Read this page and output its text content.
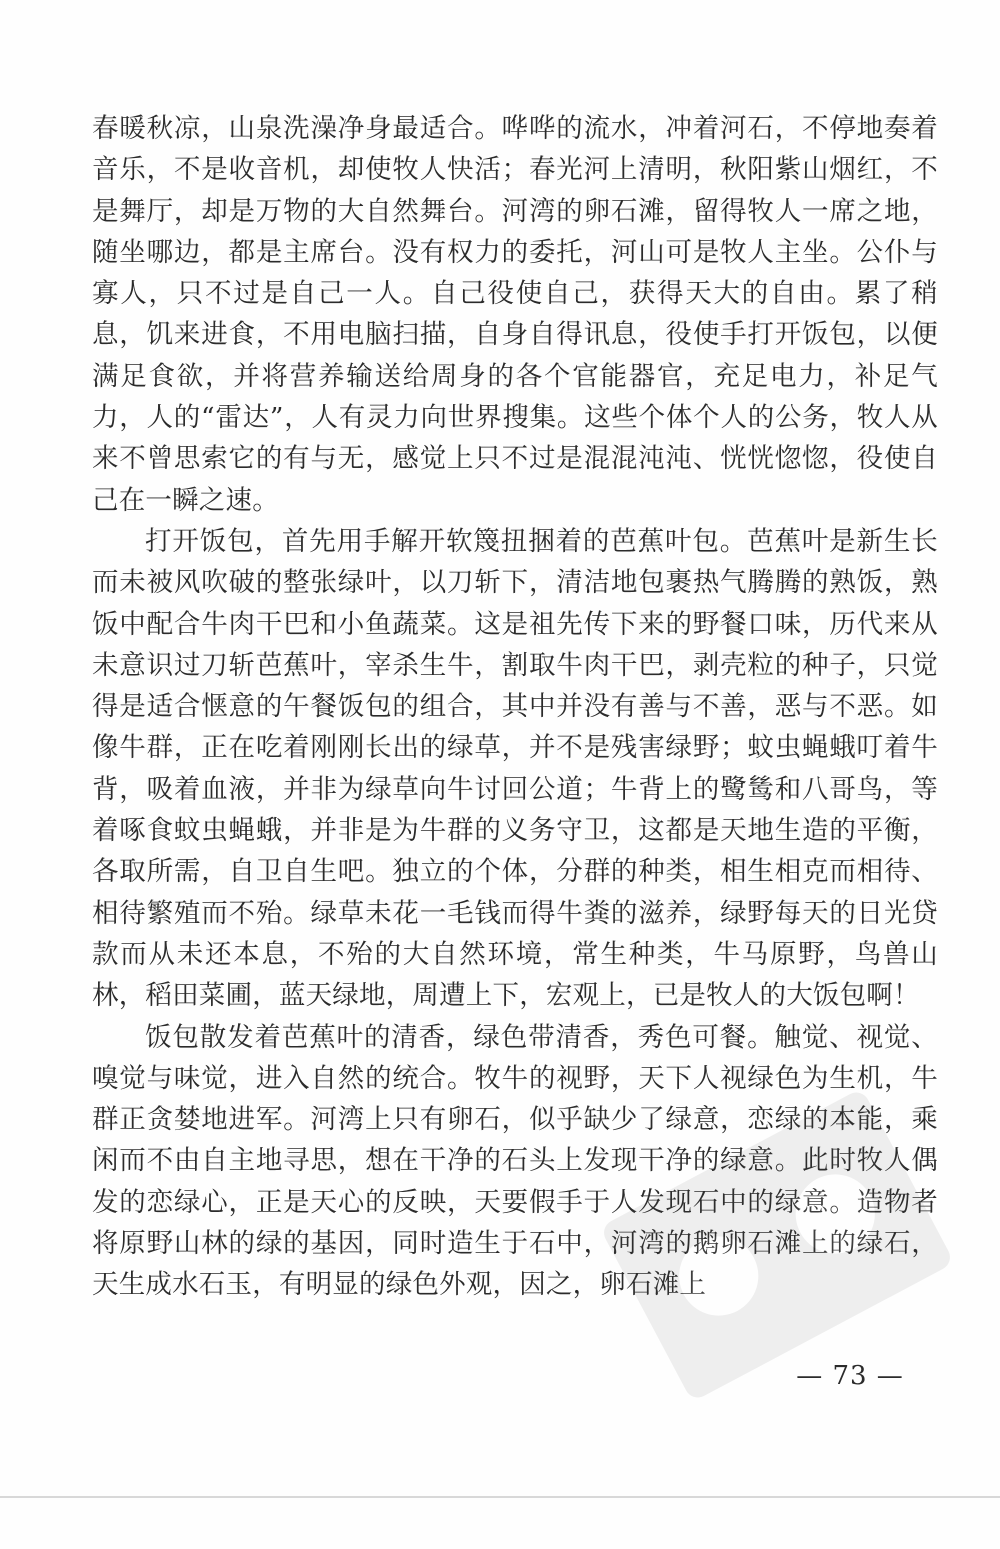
春暖秋凉，山泉洗澡净身最适合。哗哗的流水，冲着河石，不停地奏着音乐，不是收音机，却使牧人快活；春光河上清明，秋阳紫山烟红，不是舞厅，却是万物的大自然舞台。河湾的卵石滩，留得牧人一席之地，随坐哪边，都是主席台。没有权力的委托，河山可是牧人主坐。公仆与寡人，只不过是自己一人。自己役使自己，获得天大的自由。累了稍息，饥来进食，不用电脑扫描，自身自得讯息，役使手打开饭包，以便满足食欲，并将营养输送给周身的各个官能器官，充足电力，补足气力，人的“雷达”，人有灵力向世界搜集。这些个体个人的公务，牧人从来不曾思索它的有与无，感觉上只不过是混混沌沌、恍恍惚惚，役使自己在一瞬之速。

打开饭包，首先用手解开软篾扭捆着的芭蕉叶包。芭蕉叶是新生长而未被风吹破的整张绿叶，以刀斩下，清洁地包裹热气腾腾的熟饭，熟饭中配合牛肉干巴和小鱼蔬菜。这是祖先传下来的野餐口味，历代来从未意识过刀斩芭蕉叶，宰杀生牛，割取牛肉干巴，剥壳粒的种子，只觉得是适合惬意的午餐饭包的组合，其中并没有善与不善，恶与不恶。如像牛群，正在吃着刚刚长出的绿草，并不是残害绿野；蚊虫蝇蛾叮着牛背，吸着血液，并非为绿草向牛讨回公道；牛背上的鹭鸶和八哥鸟，等着啄食蚊虫蝇蛾，并非是为牛群的义务守卫，这都是天地生造的平衡，各取所需，自卫自生吧。独立的个体，分群的种类，相生相克而相待、相待繁殖而不殆。绿草未花一毛钱而得牛粪的滋养，绿野每天的日光贷款而从未还本息，不殆的大自然环境，常生种类，牛马原野，鸟兽山林，稻田菜圃，蓝天绿地，周遭上下，宏观上，已是牧人的大饭包啊！

饭包散发着芭蕉叶的清香，绿色带清香，秀色可餐。触觉、视觉、嗅觉与味觉，进入自然的统合。牧牛的视野，天下人视绿色为生机，牛群正贪婪地进军。河湾上只有卵石，似乎缺少了绿意，恋绿的本能，乘闲而不由自主地寻思，想在干净的石头上发现干净的绿意。此时牧人偶发的恋绿心，正是天心的反映，天要假手于人发现石中的绿意。造物者将原野山林的绿的基因，同时造生于石中，河湾的鹅卵石滩上的绿石，天生成水石玉，有明显的绿色外观，因之，卵石滩上

— 73 —
